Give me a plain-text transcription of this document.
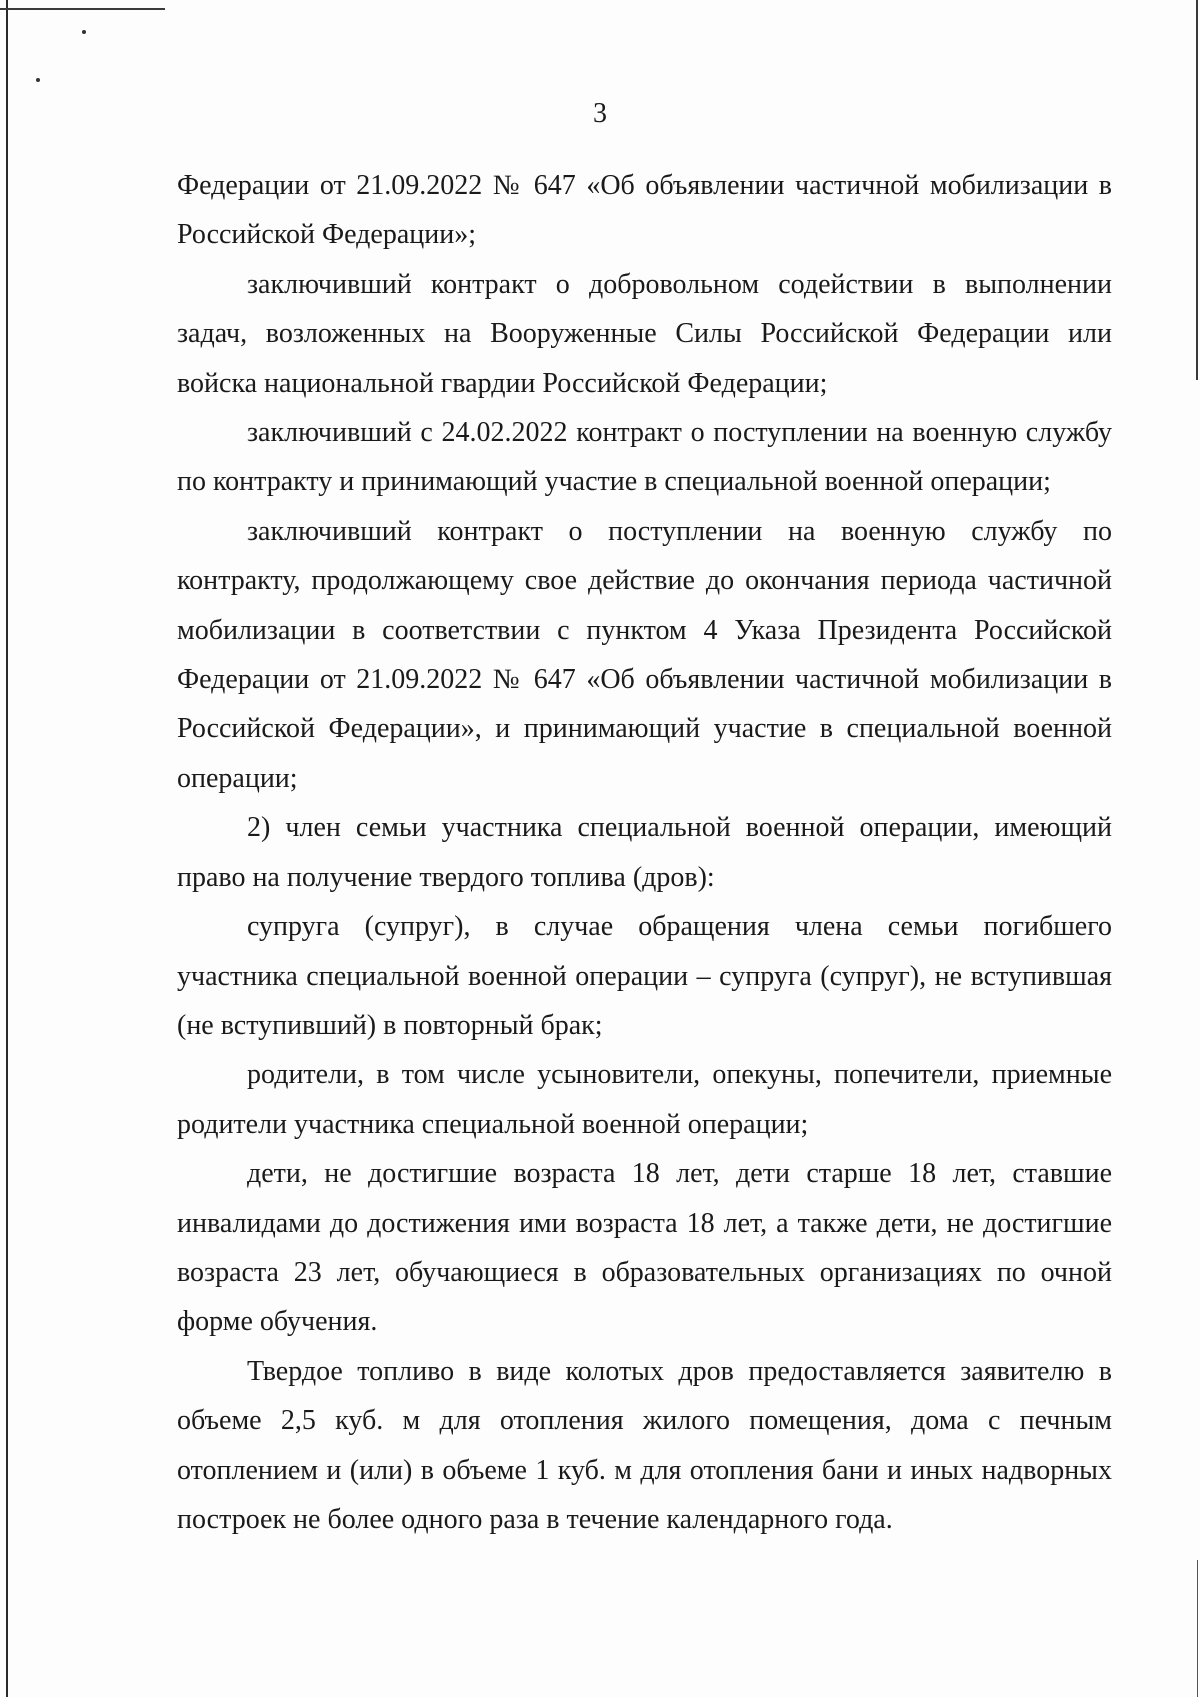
3

Федерации от 21.09.2022 № 647 «Об объявлении частичной мобилизации в Российской Федерации»;

заключивший контракт о добровольном содействии в выполнении задач, возложенных на Вооруженные Силы Российской Федерации или войска национальной гвардии Российской Федерации;

заключивший с 24.02.2022 контракт о поступлении на военную службу по контракту и принимающий участие в специальной военной операции;

заключивший контракт о поступлении на военную службу по контракту, продолжающему свое действие до окончания периода частичной мобилизации в соответствии с пунктом 4 Указа Президента Российской Федерации от 21.09.2022 № 647 «Об объявлении частичной мобилизации в Российской Федерации», и принимающий участие в специальной военной операции;

2) член семьи участника специальной военной операции, имеющий право на получение твердого топлива (дров):

супруга (супруг), в случае обращения члена семьи погибшего участника специальной военной операции – супруга (супруг), не вступившая (не вступивший) в повторный брак;

родители, в том числе усыновители, опекуны, попечители, приемные родители участника специальной военной операции;

дети, не достигшие возраста 18 лет, дети старше 18 лет, ставшие инвалидами до достижения ими возраста 18 лет, а также дети, не достигшие возраста 23 лет, обучающиеся в образовательных организациях по очной форме обучения.

Твердое топливо в виде колотых дров предоставляется заявителю в объеме 2,5 куб. м для отопления жилого помещения, дома с печным отоплением и (или) в объеме 1 куб. м для отопления бани и иных надворных построек не более одного раза в течение календарного года.
